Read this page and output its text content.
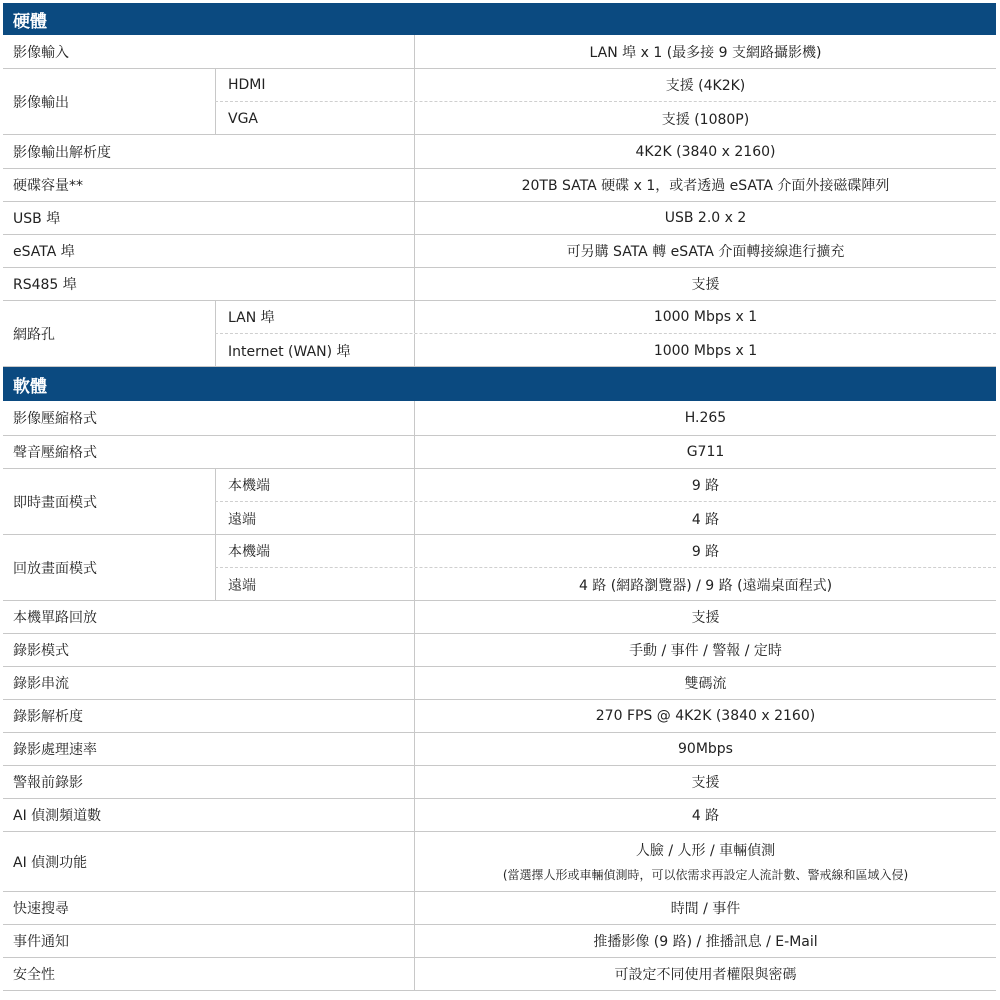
硬體
影像輸入	LAN 埠 x 1 (最多接 9 支網路攝影機)
影像輸出
HDMI	支援 (4K2K)
VGA	支援 (1080P)
影像輸出解析度	4K2K (3840 x 2160)
硬碟容量**	20TB SATA 硬碟 x 1，或者透過 eSATA 介面外接磁碟陣列
USB 埠	USB 2.0 x 2
eSATA 埠	可另購 SATA 轉 eSATA 介面轉接線進行擴充
RS485 埠	支援
網路孔
LAN 埠	1000 Mbps x 1
Internet (WAN) 埠	1000 Mbps x 1
軟體
影像壓縮格式	H.265
聲音壓縮格式	G711
即時畫面模式
本機端	9 路
遠端	4 路
回放畫面模式
本機端	9 路
遠端	4 路 (網路瀏覽器) / 9 路 (遠端桌面程式)
本機單路回放	支援
錄影模式	手動 / 事件 / 警報 / 定時
錄影串流	雙碼流
錄影解析度	270 FPS @ 4K2K (3840 x 2160)
錄影處理速率	90Mbps
警報前錄影	支援
AI 偵測頻道數	4 路
AI 偵測功能
人臉 / 人形 / 車輛偵測
(當選擇人形或車輛偵測時，可以依需求再設定人流計數、警戒線和區域入侵)
快速搜尋	時間 / 事件
事件通知	推播影像 (9 路) / 推播訊息 / E-Mail
安全性	可設定不同使用者權限與密碼
